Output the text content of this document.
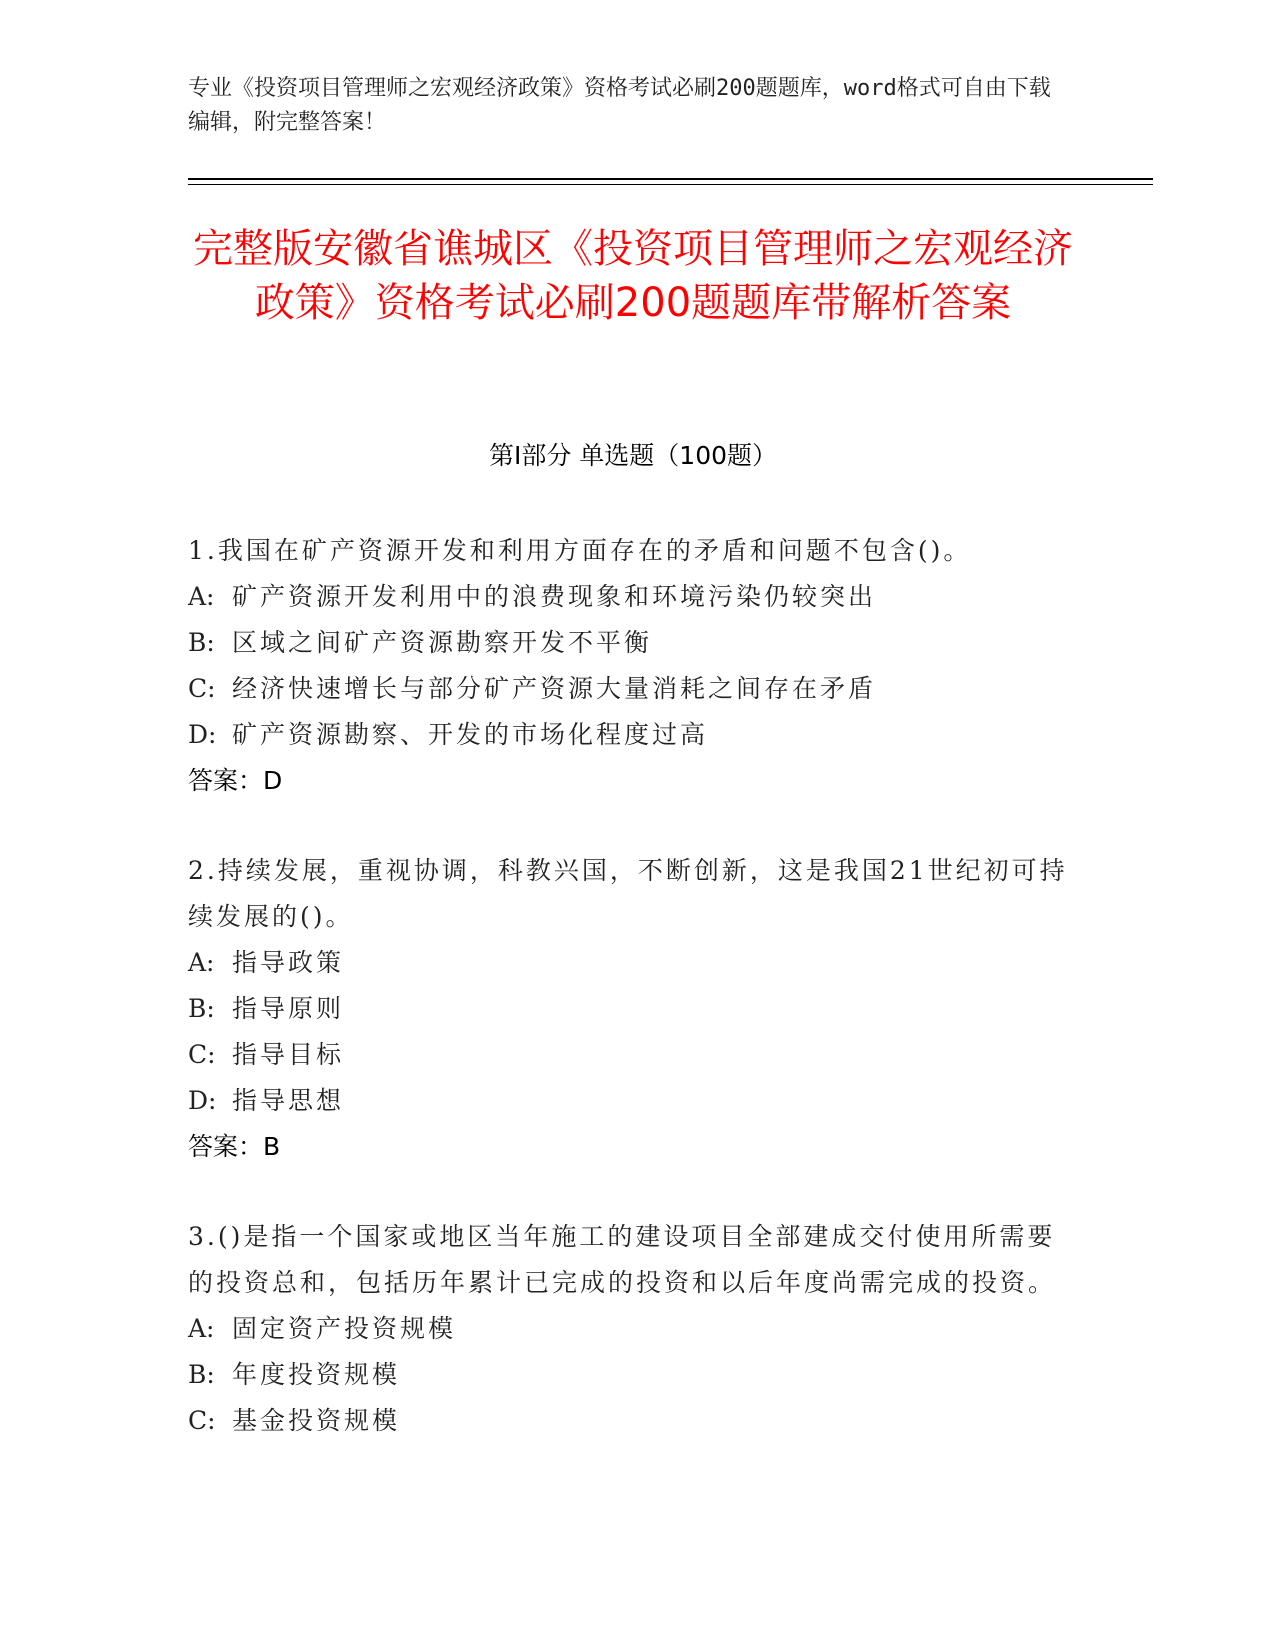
专业《投资项目管理师之宏观经济政策》资格考试必刷200题题库，word格式可自由下载编辑，附完整答案！
完整版安徽省谯城区《投资项目管理师之宏观经济政策》资格考试必刷200题题库带解析答案
第Ⅰ部分 单选题（100题）
1.我国在矿产资源开发和利用方面存在的矛盾和问题不包含()。
A: 矿产资源开发利用中的浪费现象和环境污染仍较突出
B: 区域之间矿产资源勘察开发不平衡
C: 经济快速增长与部分矿产资源大量消耗之间存在矛盾
D: 矿产资源勘察、开发的市场化程度过高
答案：D
2.持续发展，重视协调，科教兴国，不断创新，这是我国21世纪初可持续发展的()。
A: 指导政策
B: 指导原则
C: 指导目标
D: 指导思想
答案：B
3.()是指一个国家或地区当年施工的建设项目全部建成交付使用所需要的投资总和，包括历年累计已完成的投资和以后年度尚需完成的投资。
A: 固定资产投资规模
B: 年度投资规模
C: 基金投资规模
